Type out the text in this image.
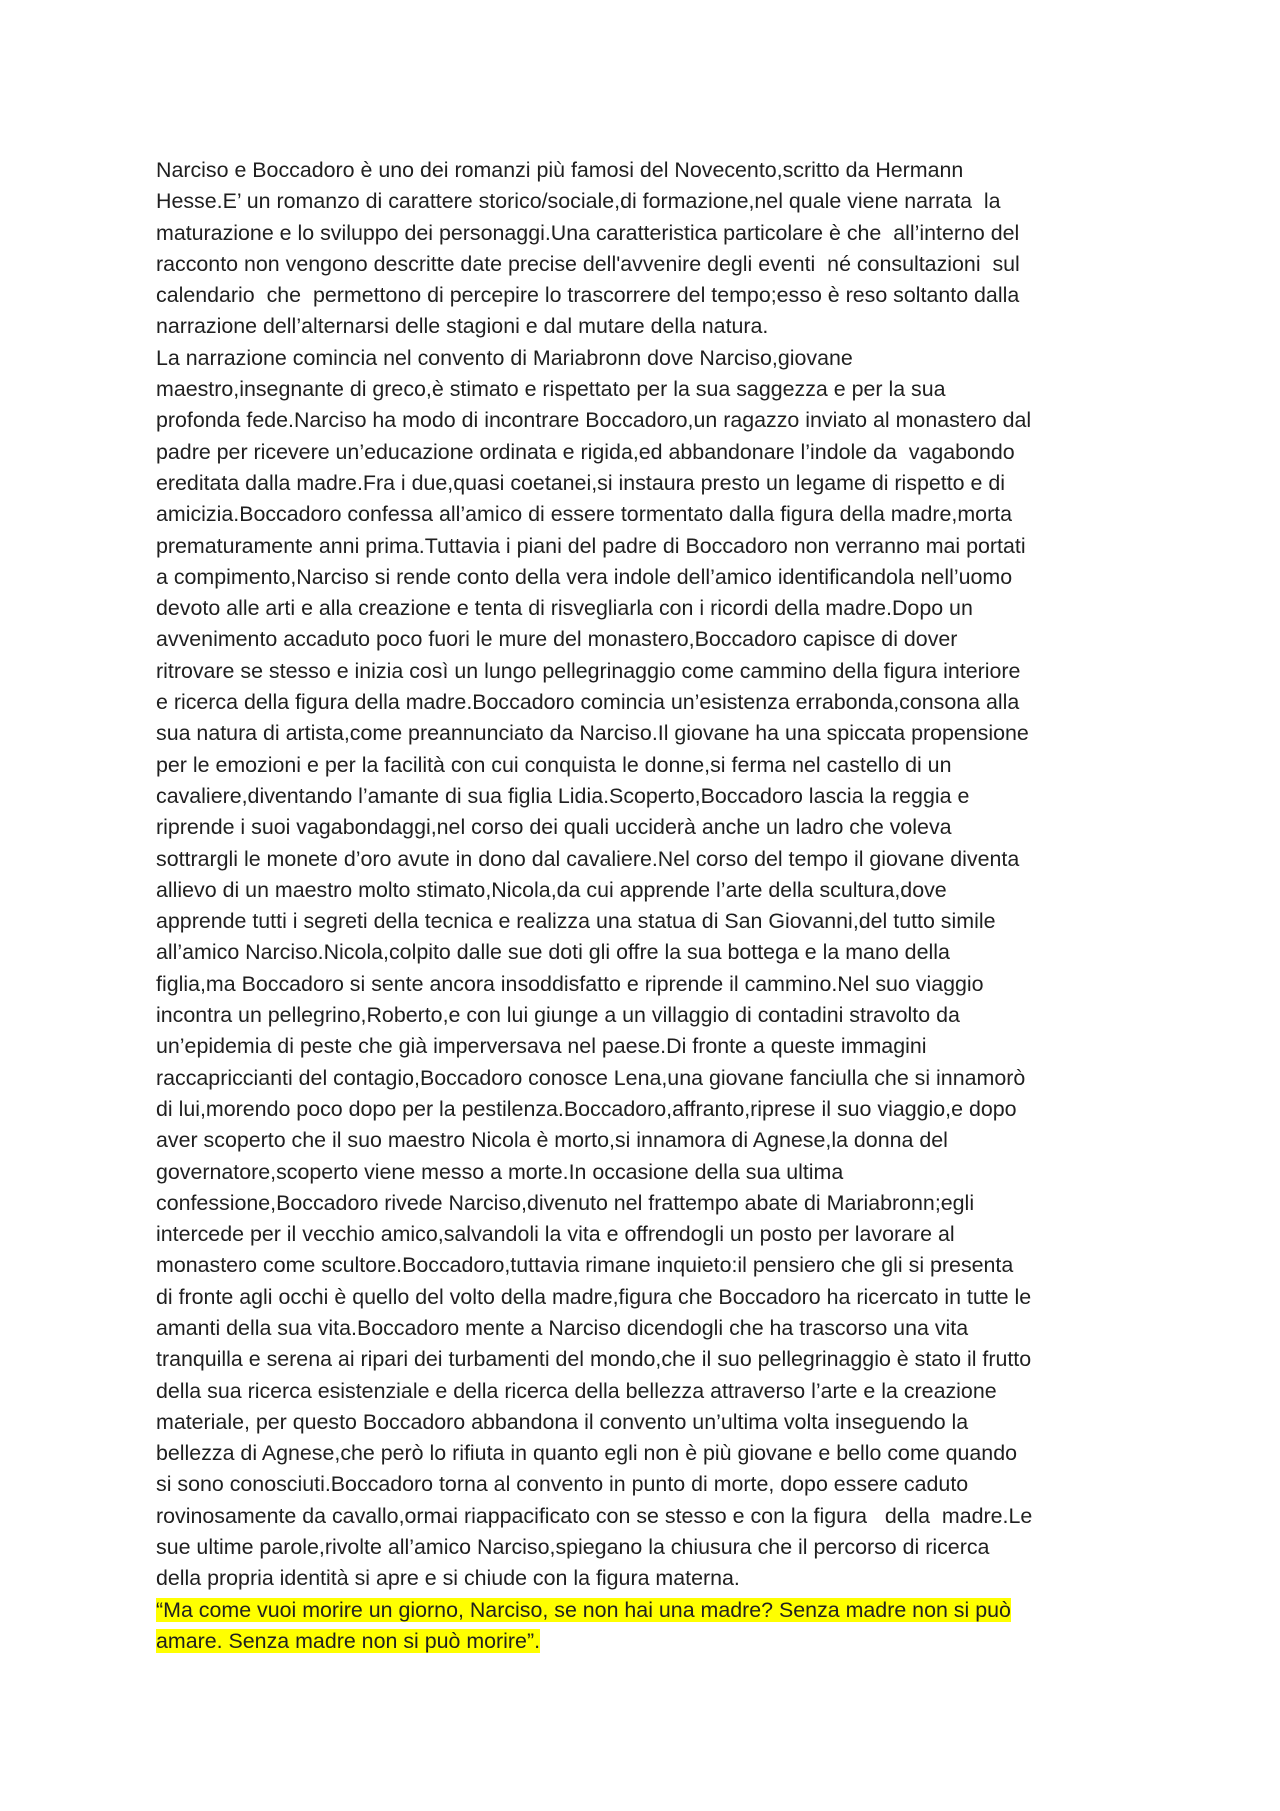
Narciso e Boccadoro è uno dei romanzi più famosi del Novecento,scritto da Hermann
Hesse.E’ un romanzo di carattere storico/sociale,di formazione,nel quale viene narrata  la
maturazione e lo sviluppo dei personaggi.Una caratteristica particolare è che  all’interno del
racconto non vengono descritte date precise dell'avvenire degli eventi  né consultazioni  sul
calendario  che  permettono di percepire lo trascorrere del tempo;esso è reso soltanto dalla
narrazione dell’alternarsi delle stagioni e dal mutare della natura.
La narrazione comincia nel convento di Mariabronn dove Narciso,giovane
maestro,insegnante di greco,è stimato e rispettato per la sua saggezza e per la sua
profonda fede.Narciso ha modo di incontrare Boccadoro,un ragazzo inviato al monastero dal
padre per ricevere un’educazione ordinata e rigida,ed abbandonare l’indole da  vagabondo
ereditata dalla madre.Fra i due,quasi coetanei,si instaura presto un legame di rispetto e di
amicizia.Boccadoro confessa all’amico di essere tormentato dalla figura della madre,morta
prematuramente anni prima.Tuttavia i piani del padre di Boccadoro non verranno mai portati
a compimento,Narciso si rende conto della vera indole dell’amico identificandola nell’uomo
devoto alle arti e alla creazione e tenta di risvegliarla con i ricordi della madre.Dopo un
avvenimento accaduto poco fuori le mure del monastero,Boccadoro capisce di dover
ritrovare se stesso e inizia così un lungo pellegrinaggio come cammino della figura interiore
e ricerca della figura della madre.Boccadoro comincia un’esistenza errabonda,consona alla
sua natura di artista,come preannunciato da Narciso.Il giovane ha una spiccata propensione
per le emozioni e per la facilità con cui conquista le donne,si ferma nel castello di un
cavaliere,diventando l’amante di sua figlia Lidia.Scoperto,Boccadoro lascia la reggia e
riprende i suoi vagabondaggi,nel corso dei quali ucciderà anche un ladro che voleva
sottrargli le monete d’oro avute in dono dal cavaliere.Nel corso del tempo il giovane diventa
allievo di un maestro molto stimato,Nicola,da cui apprende l’arte della scultura,dove
apprende tutti i segreti della tecnica e realizza una statua di San Giovanni,del tutto simile
all’amico Narciso.Nicola,colpito dalle sue doti gli offre la sua bottega e la mano della
figlia,ma Boccadoro si sente ancora insoddisfatto e riprende il cammino.Nel suo viaggio
incontra un pellegrino,Roberto,e con lui giunge a un villaggio di contadini stravolto da
un’epidemia di peste che già imperversava nel paese.Di fronte a queste immagini
raccapriccianti del contagio,Boccadoro conosce Lena,una giovane fanciulla che si innamorò
di lui,morendo poco dopo per la pestilenza.Boccadoro,affranto,riprese il suo viaggio,e dopo
aver scoperto che il suo maestro Nicola è morto,si innamora di Agnese,la donna del
governatore,scoperto viene messo a morte.In occasione della sua ultima
confessione,Boccadoro rivede Narciso,divenuto nel frattempo abate di Mariabronn;egli
intercede per il vecchio amico,salvandoli la vita e offrendogli un posto per lavorare al
monastero come scultore.Boccadoro,tuttavia rimane inquieto:il pensiero che gli si presenta
di fronte agli occhi è quello del volto della madre,figura che Boccadoro ha ricercato in tutte le
amanti della sua vita.Boccadoro mente a Narciso dicendogli che ha trascorso una vita
tranquilla e serena ai ripari dei turbamenti del mondo,che il suo pellegrinaggio è stato il frutto
della sua ricerca esistenziale e della ricerca della bellezza attraverso l’arte e la creazione
materiale, per questo Boccadoro abbandona il convento un’ultima volta inseguendo la
bellezza di Agnese,che però lo rifiuta in quanto egli non è più giovane e bello come quando
si sono conosciuti.Boccadoro torna al convento in punto di morte, dopo essere caduto
rovinosamente da cavallo,ormai riappacificato con se stesso e con la figura   della  madre.Le
sue ultime parole,rivolte all’amico Narciso,spiegano la chiusura che il percorso di ricerca
della propria identità si apre e si chiude con la figura materna.
“Ma come vuoi morire un giorno, Narciso, se non hai una madre? Senza madre non si può
amare. Senza madre non si può morire”.
